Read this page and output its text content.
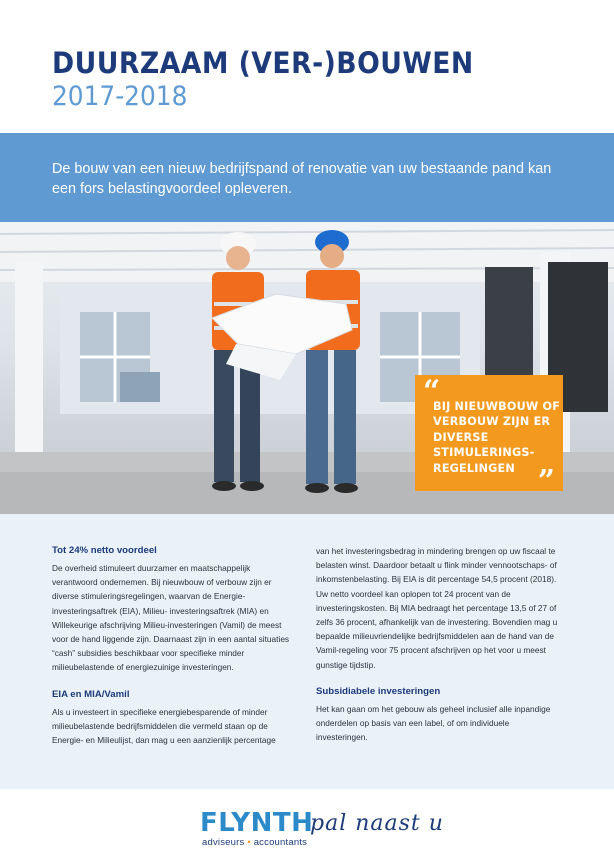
DUURZAAM (VER-)BOUWEN
2017-2018
De bouw van een nieuw bedrijfspand of renovatie van uw bestaande pand kan een fors belastingvoordeel opleveren.
“
BIJ NIEUWBOUW OF VERBOUW ZIJN ER DIVERSE STIMULERINGS-REGELINGEN ”
Tot 24% netto voordeel
De overheid stimuleert duurzamer en maatschappelijk verantwoord ondernemen. Bij nieuwbouw of verbouw zijn er diverse stimuleringsregelingen, waarvan de Energie-investeringsaftrek (EIA), Milieu- investeringsaftrek (MIA) en Willekeurige afschrijving Milieu-investeringen (Vamil) de meest voor de hand liggende zijn. Daarnaast zijn in een aantal situaties “cash” subsidies beschikbaar voor specifieke minder milieubelastende of energiezuinige investeringen.
EIA en MIA/Vamil
Als u investeert in specifieke energiebesparende of minder milieubelastende bedrijfsmiddelen die vermeld staan op de Energie- en Milieulijst, dan mag u een aanzienlijk percentage
van het investeringsbedrag in mindering brengen op uw fiscaal te belasten winst. Daardoor betaalt u flink minder vennootschaps- of inkomstenbelasting. Bij EIA is dit percentage 54,5 procent (2018). Uw netto voordeel kan oplopen tot 24 procent van de investeringskosten. Bij MIA bedraagt het percentage 13,5 of 27 of zelfs 36 procent, afhankelijk van de investering. Bovendien mag u bepaalde milieuvriendelijke bedrijfsmiddelen aan de hand van de Vamil-regeling voor 75 procent afschrijven op het voor u meest gunstige tijdstip.
Subsidiabele investeringen
Het kan gaan om het gebouw als geheel inclusief alle inpandige onderdelen op basis van een label, of om individuele investeringen.
FLYNTH
adviseurs • accountants
pal naast u
